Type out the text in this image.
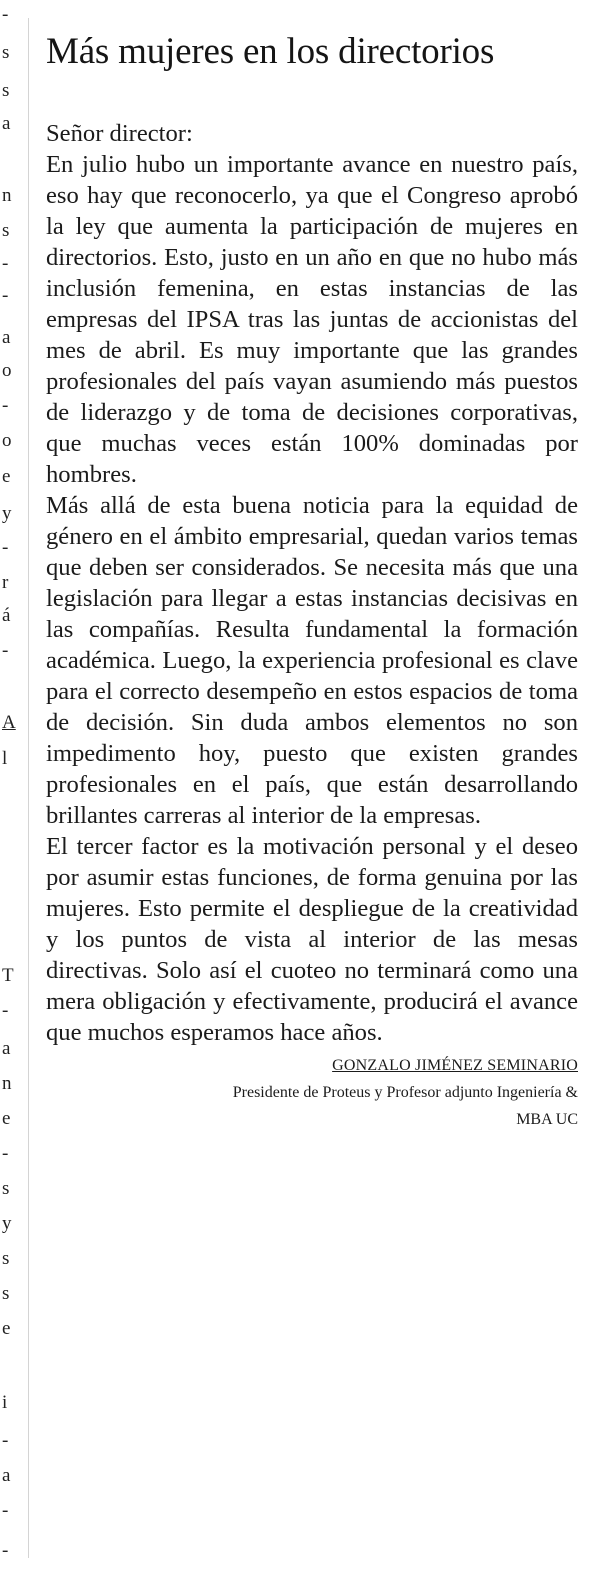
-
s
s
a
n
s
-
-
a
o
-
o
e
y
-
r
á
-
A
l
T
-
a
n
e
-
s
y
s
s
e
i
-
a
-
-
Más mujeres en los directorios

Señor director:

En julio hubo un importante avance en nuestro país, eso hay que reconocerlo, ya que el Congreso aprobó la ley que aumenta la participación de mujeres en directorios. Esto, justo en un año en que no hubo más inclusión femenina, en estas instancias de las empresas del IPSA tras las juntas de accionistas del mes de abril. Es muy importante que las grandes profesionales del país vayan asumiendo más puestos de liderazgo y de toma de decisiones corporativas, que muchas veces están 100% dominadas por hombres.

Más allá de esta buena noticia para la equidad de género en el ámbito empresarial, quedan varios temas que deben ser considerados. Se necesita más que una legislación para llegar a estas instancias decisivas en las compañías. Resulta fundamental la formación académica. Luego, la experiencia profesional es clave para el correcto desempeño en estos espacios de toma de decisión. Sin duda ambos elementos no son impedimento hoy, puesto que existen grandes profesionales en el país, que están desarrollando brillantes carreras al interior de la empresas.

El tercer factor es la motivación personal y el deseo por asumir estas funciones, de forma genuina por las mujeres. Esto permite el despliegue de la creatividad y los puntos de vista al interior de las mesas directivas. Solo así el cuoteo no terminará como una mera obligación y efectivamente, producirá el avance que muchos esperamos hace años.

GONZALO JIMÉNEZ SEMINARIO
Presidente de Proteus y Profesor adjunto Ingeniería &
MBA UC
